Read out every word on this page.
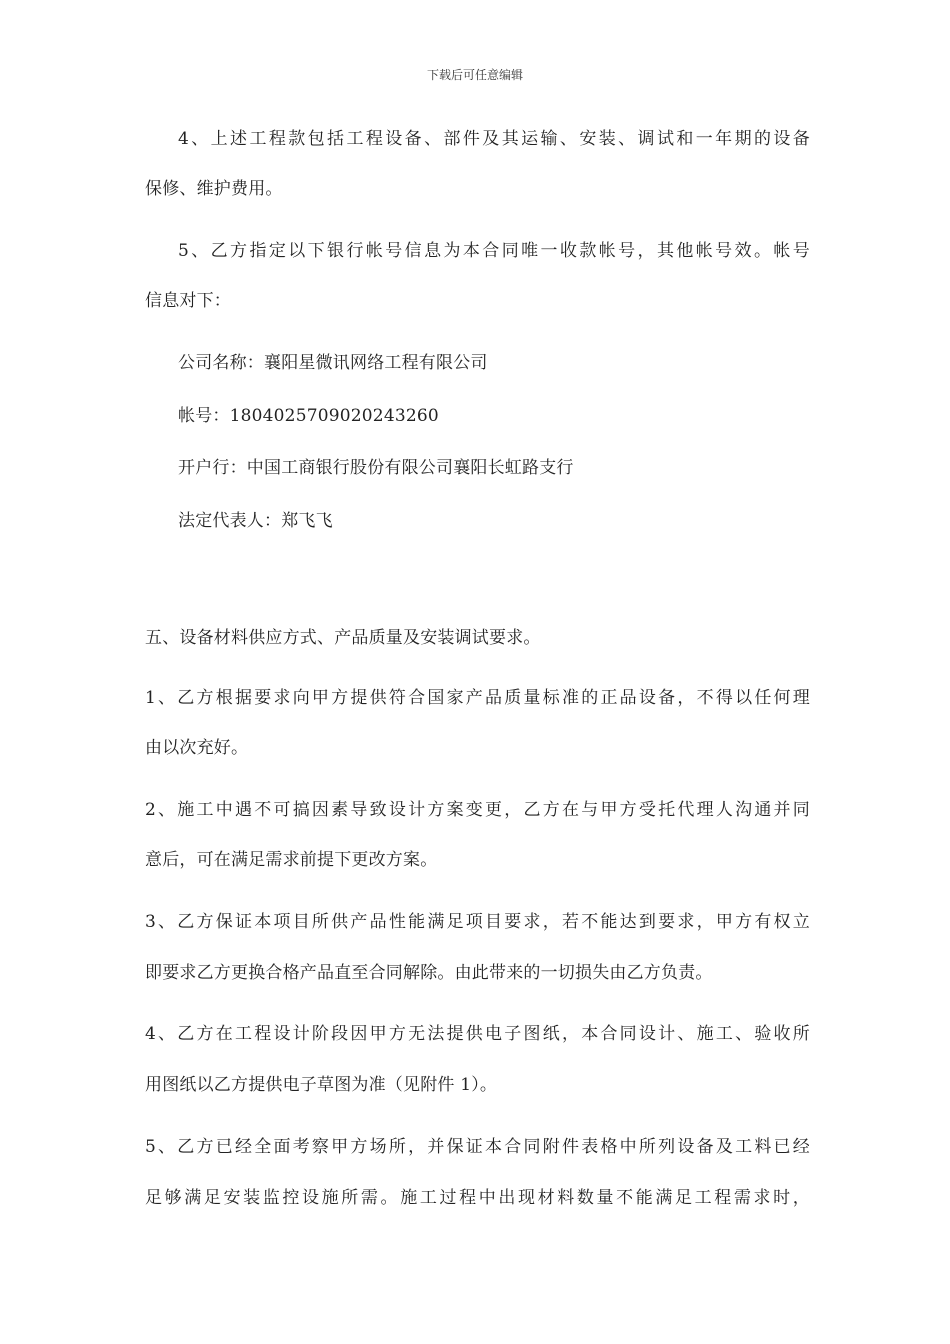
下载后可任意编辑
4、上述工程款包括工程设备、部件及其运输、安装、调试和一年期的设备
保修、维护费用。
5、乙方指定以下银行帐号信息为本合同唯一收款帐号，其他帐号效。帐号
信息对下：
公司名称：襄阳星微讯网络工程有限公司
帐号：1804025709020243260
开户行：中国工商银行股份有限公司襄阳长虹路支行
法定代表人：郑飞飞
五、设备材料供应方式、产品质量及安装调试要求。
1、乙方根据要求向甲方提供符合国家产品质量标准的正品设备，不得以任何理
由以次充好。
2、施工中遇不可搞因素导致设计方案变更，乙方在与甲方受托代理人沟通并同
意后，可在满足需求前提下更改方案。
3、乙方保证本项目所供产品性能满足项目要求，若不能达到要求，甲方有权立
即要求乙方更换合格产品直至合同解除。由此带来的一切损失由乙方负责。
4、乙方在工程设计阶段因甲方无法提供电子图纸，本合同设计、施工、验收所
用图纸以乙方提供电子草图为准（见附件 1）。
5、乙方已经全面考察甲方场所，并保证本合同附件表格中所列设备及工料已经
足够满足安装监控设施所需。施工过程中出现材料数量不能满足工程需求时，
